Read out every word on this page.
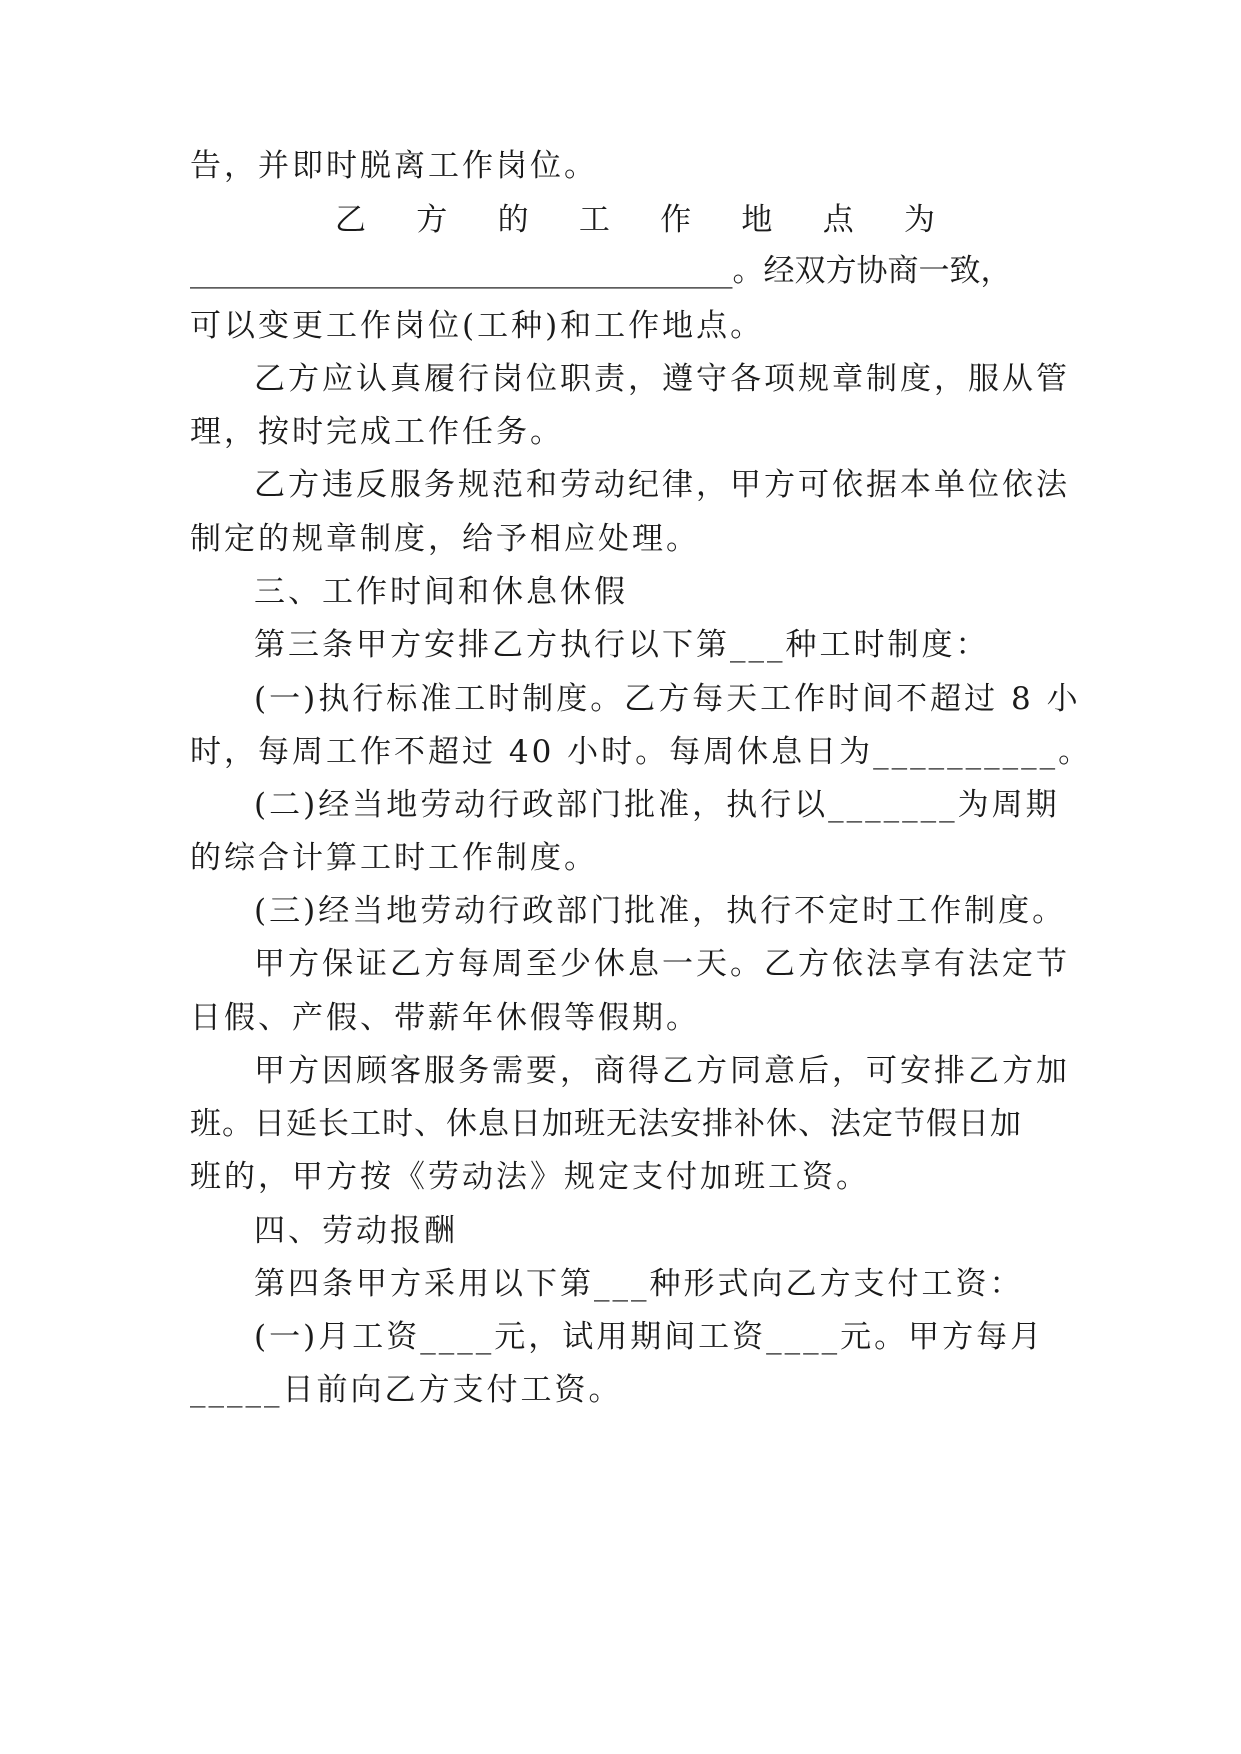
告，并即时脱离工作岗位。
乙 方 的 工 作 地 点 为
___________________________________。经双方协商一致，
可以变更工作岗位(工种)和工作地点。
乙方应认真履行岗位职责，遵守各项规章制度，服从管
理，按时完成工作任务。
乙方违反服务规范和劳动纪律，甲方可依据本单位依法
制定的规章制度，给予相应处理。
三、工作时间和休息休假
第三条甲方安排乙方执行以下第___种工时制度：
(一)执行标准工时制度。乙方每天工作时间不超过 8 小
时，每周工作不超过 40 小时。每周休息日为__________。
(二)经当地劳动行政部门批准，执行以_______为周期
的综合计算工时工作制度。
(三)经当地劳动行政部门批准，执行不定时工作制度。
甲方保证乙方每周至少休息一天。乙方依法享有法定节
日假、产假、带薪年休假等假期。
甲方因顾客服务需要，商得乙方同意后，可安排乙方加
班。日延长工时、休息日加班无法安排补休、法定节假日加
班的，甲方按《劳动法》规定支付加班工资。
四、劳动报酬
第四条甲方采用以下第___种形式向乙方支付工资：
(一)月工资____元，试用期间工资____元。甲方每月
_____日前向乙方支付工资。
